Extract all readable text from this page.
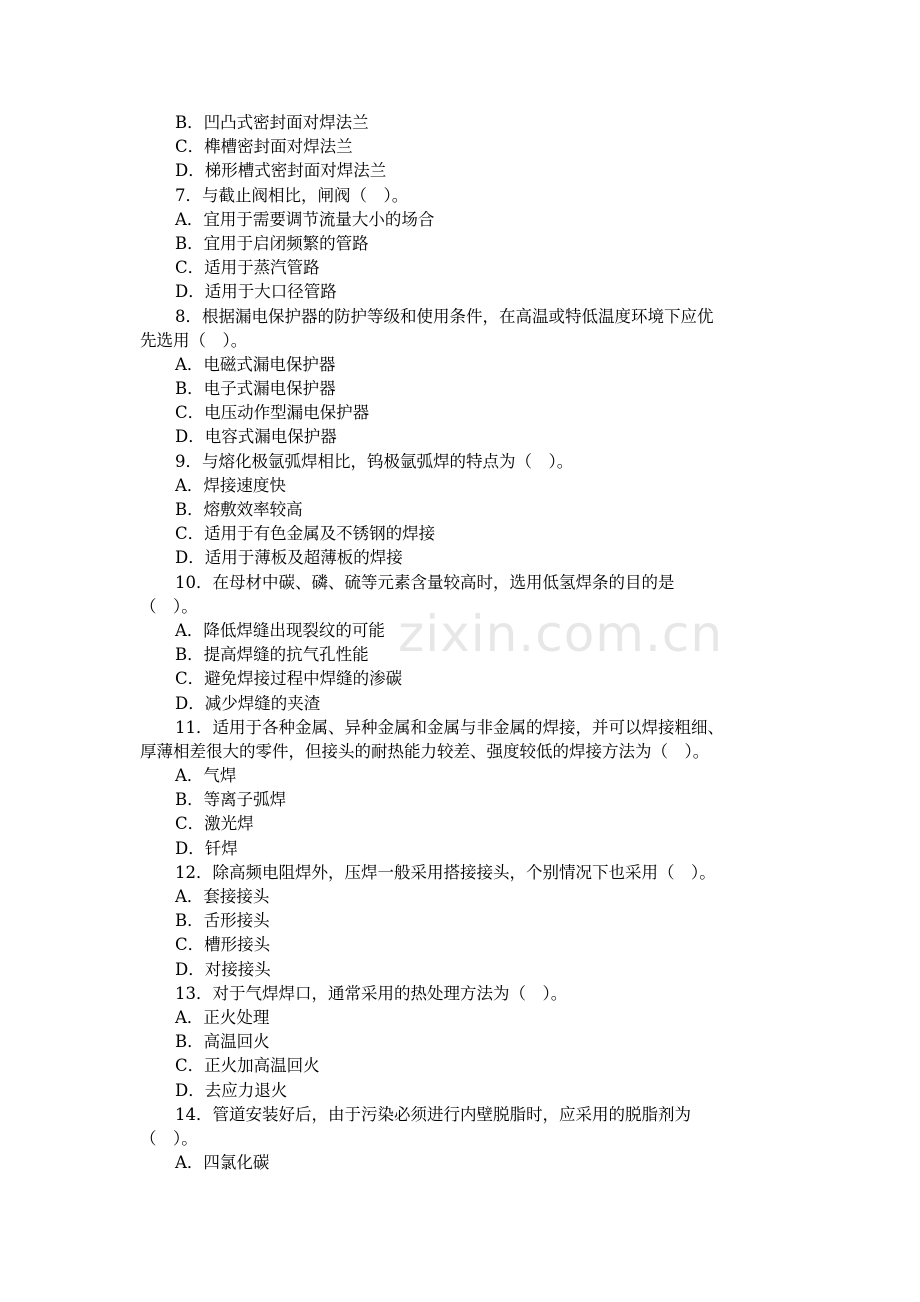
B．凹凸式密封面对焊法兰
C．榫槽密封面对焊法兰
D．梯形槽式密封面对焊法兰
7．与截止阀相比，闸阀（　）。
A．宜用于需要调节流量大小的场合
B．宜用于启闭频繁的管路
C．适用于蒸汽管路
D．适用于大口径管路
8．根据漏电保护器的防护等级和使用条件，在高温或特低温度环境下应优
先选用（　）。
A．电磁式漏电保护器
B．电子式漏电保护器
C．电压动作型漏电保护器
D．电容式漏电保护器
9．与熔化极氩弧焊相比，钨极氩弧焊的特点为（　）。
A．焊接速度快
B．熔敷效率较高
C．适用于有色金属及不锈钢的焊接
D．适用于薄板及超薄板的焊接
10．在母材中碳、磷、硫等元素含量较高时，选用低氢焊条的目的是
（　）。
A．降低焊缝出现裂纹的可能
B．提高焊缝的抗气孔性能
C．避免焊接过程中焊缝的渗碳
D．减少焊缝的夹渣
11．适用于各种金属、异种金属和金属与非金属的焊接，并可以焊接粗细、
厚薄相差很大的零件，但接头的耐热能力较差、强度较低的焊接方法为（　）。
A．气焊
B．等离子弧焊
C．激光焊
D．钎焊
12．除高频电阻焊外，压焊一般采用搭接接头，个别情况下也采用（　）。
A．套接接头
B．舌形接头
C．槽形接头
D．对接接头
13．对于气焊焊口，通常采用的热处理方法为（　）。
A．正火处理
B．高温回火
C．正火加高温回火
D．去应力退火
14．管道安装好后，由于污染必须进行内壁脱脂时，应采用的脱脂剂为
（　）。
A．四氯化碳
zixin.com.cn
